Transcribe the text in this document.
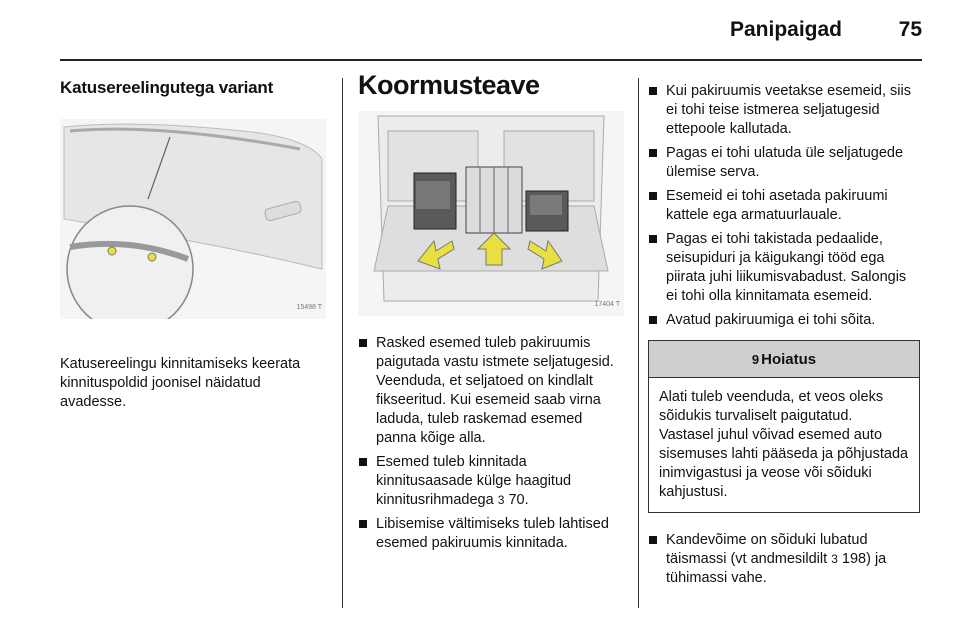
Panipaigad	75
Katusereelingutega variant
15498 T

Katusereelingu kinnitamiseks keerata kinnituspoldid joonisel näidatud avadesse.

Koormusteave
17404 T
Rasked esemed tuleb pakiruumis paigutada vastu istmete seljatugesid. Veenduda, et seljatoed on kindlalt fikseeritud. Kui esemeid saab virna laduda, tuleb raskemad esemed panna kõige alla.
Esemed tuleb kinnitada kinnitusaasade külge haagitud kinnitusrihmadega 3 70.
Libisemise vältimiseks tuleb lahtised esemed pakiruumis kinnitada.
Kui pakiruumis veetakse esemeid, siis ei tohi teise istmerea seljatugesid ettepoole kallutada.
Pagas ei tohi ulatuda üle seljatugede ülemise serva.
Esemeid ei tohi asetada pakiruumi kattele ega armatuurlauale.
Pagas ei tohi takistada pedaalide, seisupiduri ja käigukangi tööd ega piirata juhi liikumisvabadust. Salongis ei tohi olla kinnitamata esemeid.
Avatud pakiruumiga ei tohi sõita.
9 Hoiatus
Alati tuleb veenduda, et veos oleks sõidukis turvaliselt paigutatud. Vastasel juhul võivad esemed auto sisemuses lahti pääseda ja põhjustada inimvigastusi ja veose või sõiduki kahjustusi.
Kandevõime on sõiduki lubatud täismassi (vt andmesildilt 3 198) ja tühimassi vahe.
